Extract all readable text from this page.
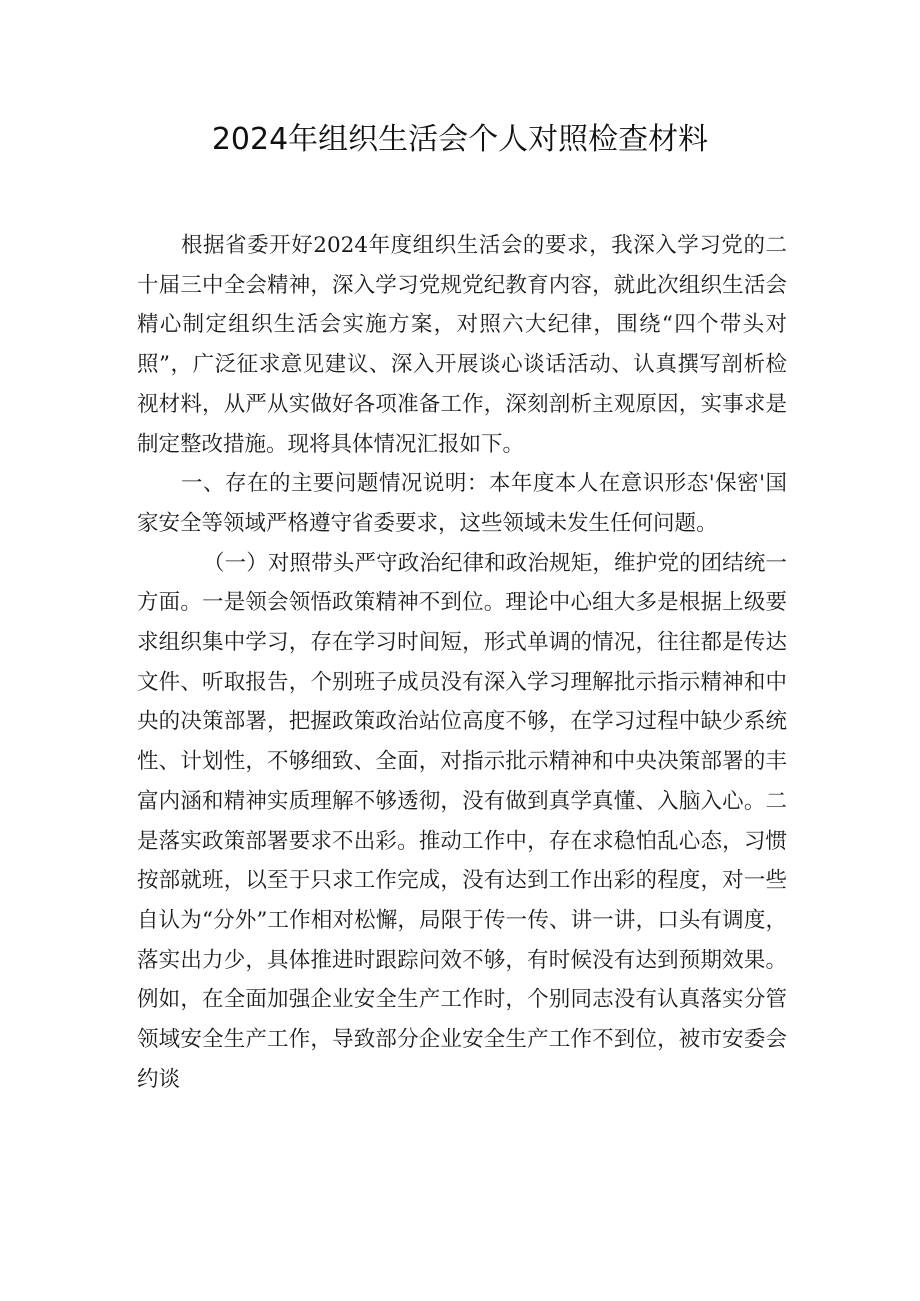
2024年组织生活会个人对照检查材料

根据省委开好2024年度组织生活会的要求，我深入学习党的二十届三中全会精神，深入学习党规党纪教育内容，就此次组织生活会精心制定组织生活会实施方案，对照六大纪律，围绕“四个带头对照”，广泛征求意见建议、深入开展谈心谈话活动、认真撰写剖析检视材料，从严从实做好各项准备工作，深刻剖析主观原因，实事求是制定整改措施。现将具体情况汇报如下。

一、存在的主要问题情况说明：本年度本人在意识形态'保密'国家安全等领域严格遵守省委要求，这些领域未发生任何问题。

（一）对照带头严守政治纪律和政治规矩，维护党的团结统一方面。一是领会领悟政策精神不到位。理论中心组大多是根据上级要求组织集中学习，存在学习时间短，形式单调的情况，往往都是传达文件、听取报告，个别班子成员没有深入学习理解批示指示精神和中央的决策部署，把握政策政治站位高度不够，在学习过程中缺少系统性、计划性，不够细致、全面，对指示批示精神和中央决策部署的丰富内涵和精神实质理解不够透彻，没有做到真学真懂、入脑入心。二是落实政策部署要求不出彩。推动工作中，存在求稳怕乱心态，习惯按部就班，以至于只求工作完成，没有达到工作出彩的程度，对一些自认为“分外”工作相对松懈，局限于传一传、讲一讲，口头有调度，落实出力少，具体推进时跟踪问效不够，有时候没有达到预期效果。例如，在全面加强企业安全生产工作时，个别同志没有认真落实分管领域安全生产工作，导致部分企业安全生产工作不到位，被市安委会约谈
